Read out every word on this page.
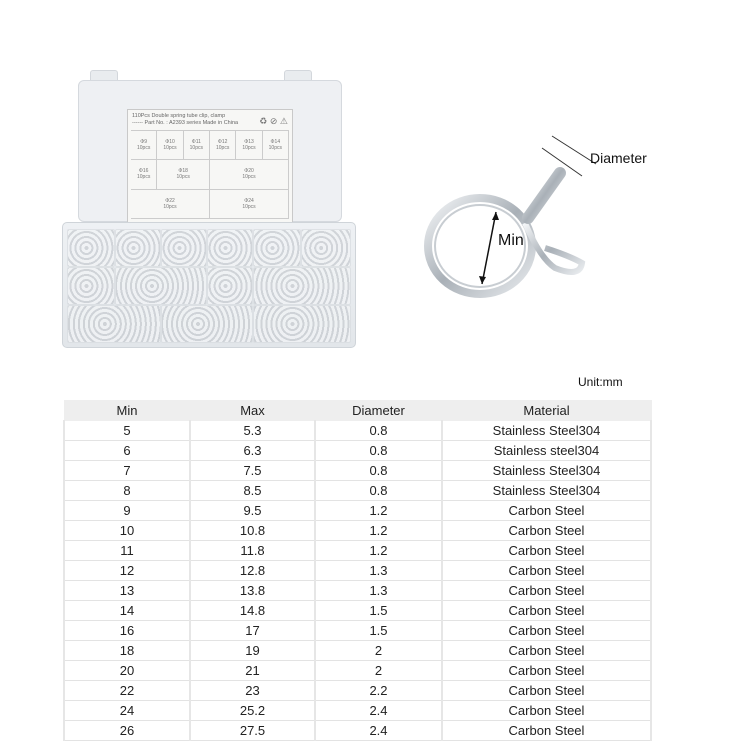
110Pcs Double spring tube clip, clamp
------ Part No. : A2393 series Made in China	♻ ⊘ ⚠
Φ9
10pcs
Φ10
10pcs
Φ11
10pcs
Φ12
10pcs
Φ13
10pcs
Φ14
10pcs
Φ16
10pcs
Φ18
10pcs
Φ20
10pcs
Φ22
10pcs
Φ24
10pcs
Diameter
Min
Unit:mm
Min	Max	Diameter	Material
5	5.3	0.8	Stainless Steel304
6	6.3	0.8	Stainless steel304
7	7.5	0.8	Stainless Steel304
8	8.5	0.8	Stainless Steel304
9	9.5	1.2	Carbon Steel
10	10.8	1.2	Carbon Steel
11	11.8	1.2	Carbon Steel
12	12.8	1.3	Carbon Steel
13	13.8	1.3	Carbon Steel
14	14.8	1.5	Carbon Steel
16	17	1.5	Carbon Steel
18	19	2	Carbon Steel
20	21	2	Carbon Steel
22	23	2.2	Carbon Steel
24	25.2	2.4	Carbon Steel
26	27.5	2.4	Carbon Steel
